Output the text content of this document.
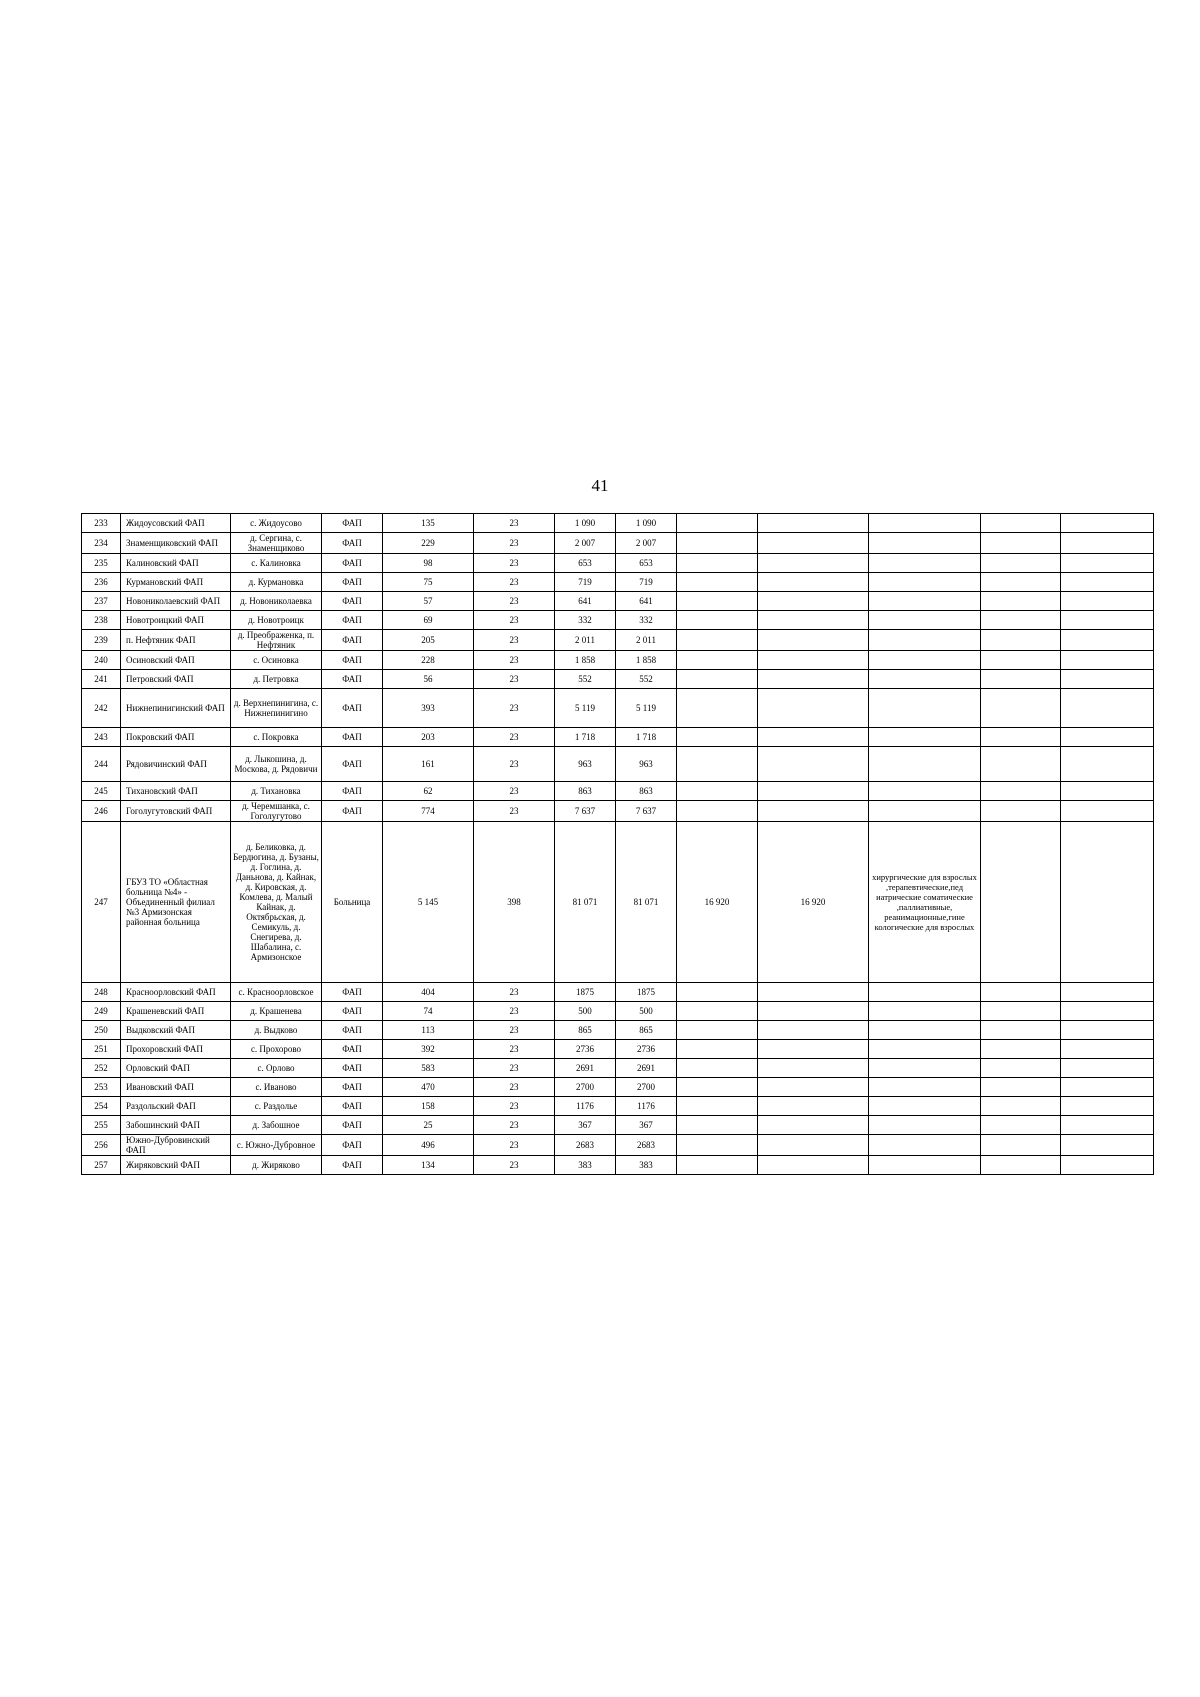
41
233	Жидоусовский ФАП	с. Жидоусово	ФАП	135	23	1 090	1 090					
234	Знаменщиковский ФАП	д. Сергина, с. Знаменщиково	ФАП	229	23	2 007	2 007					
235	Калиновский ФАП	с. Калиновка	ФАП	98	23	653	653					
236	Курмановский ФАП	д. Курмановка	ФАП	75	23	719	719					
237	Новониколаевский ФАП	д. Новониколаевка	ФАП	57	23	641	641					
238	Новотроицкий ФАП	д. Новотроицк	ФАП	69	23	332	332					
239	п. Нефтяник ФАП	д. Преображенка, п. Нефтяник	ФАП	205	23	2 011	2 011					
240	Осиновский ФАП	с. Осиновка	ФАП	228	23	1 858	1 858					
241	Петровский ФАП	д. Петровка	ФАП	56	23	552	552					
242	Нижнепинигинский ФАП	д. Верхнепинигина, с. Нижнепинигино	ФАП	393	23	5 119	5 119					
243	Покровский ФАП	с. Покровка	ФАП	203	23	1 718	1 718					
244	Рядовичинский ФАП	д. Лыкошина, д. Москова, д. Рядовичи	ФАП	161	23	963	963					
245	Тихановский ФАП	д. Тихановка	ФАП	62	23	863	863					
246	Гоголугутовский ФАП	д. Черемшанка, с. Гоголугутово	ФАП	774	23	7 637	7 637					
247	ГБУЗ ТО «Областная больница №4» - Объединенный филиал №3 Армизонская районная больница	д. Беликовка, д. Бердюгина, д. Бузаны, д. Гоглина, д. Даньнова, д. Кайнак, д. Кировская, д. Комлева, д. Малый Кайнак, д. Октябрьская, д. Семикуль, д. Снегирева, д. Шабалина, с. Армизонское	Больница	5 145	398	81 071	81 071	16 920	16 920	хирургические для взрослых ,терапевтические,пед иатрические соматические ,паллиативные, реанимационные,гине кологические для взрослых		
248	Красноорловский ФАП	с. Красноорловское	ФАП	404	23	1875	1875					
249	Крашеневский ФАП	д. Крашенева	ФАП	74	23	500	500					
250	Выдковский ФАП	д. Выдково	ФАП	113	23	865	865					
251	Прохоровский ФАП	с. Прохорово	ФАП	392	23	2736	2736					
252	Орловский ФАП	с. Орлово	ФАП	583	23	2691	2691					
253	Ивановский ФАП	с. Иваново	ФАП	470	23	2700	2700					
254	Раздольский ФАП	с. Раздолье	ФАП	158	23	1176	1176					
255	Забошинский ФАП	д. Забошное	ФАП	25	23	367	367					
256	Южно-Дубровинский ФАП	с. Южно-Дубровное	ФАП	496	23	2683	2683					
257	Жиряковский ФАП	д. Жиряково	ФАП	134	23	383	383					
